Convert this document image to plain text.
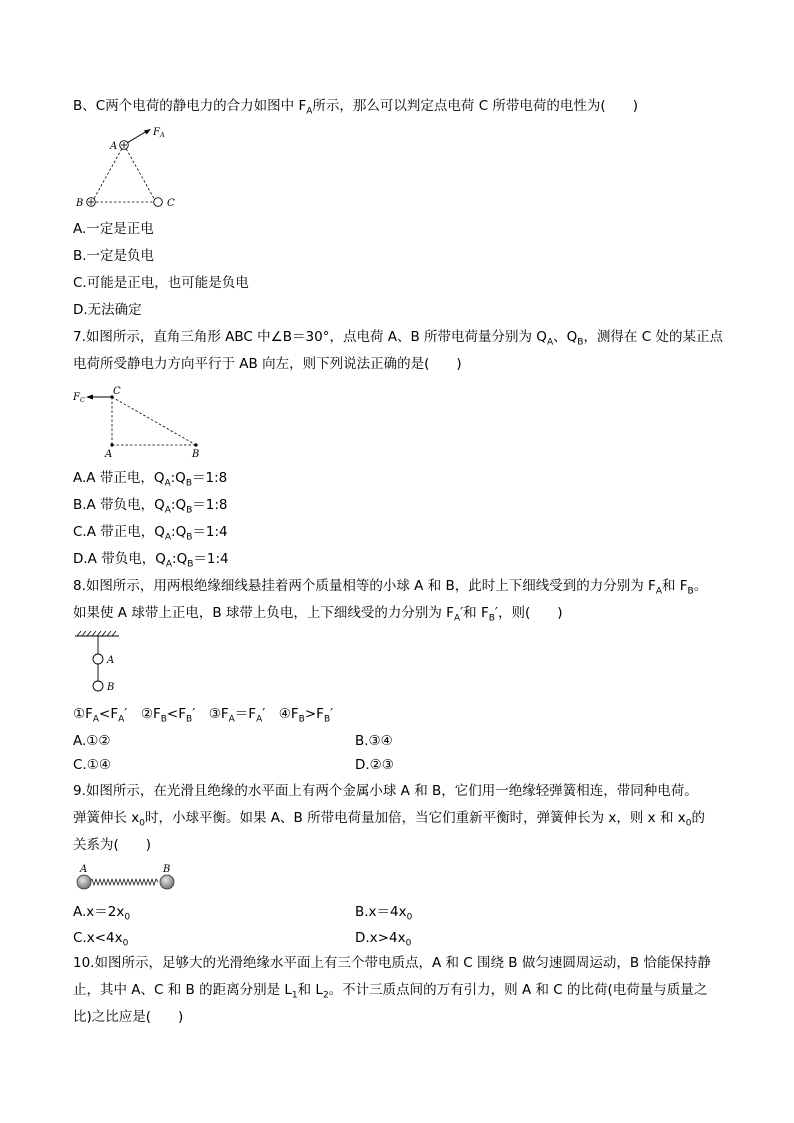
B、C两个电荷的静电力的合力如图中 $F_A$所示，那么可以判定点电荷 C 所带电荷的电性为(　　)
A
B	C
$F_A$
A.一定是正电
B.一定是负电
C.可能是正电，也可能是负电
D.无法确定
7.如图所示，直角三角形 ABC 中∠B＝30°，点电荷 A、B 所带电荷量分别为 $Q_A$、$Q_B$，测得在 C 处的某正点
电荷所受静电力方向平行于 AB 向左，则下列说法正确的是(　　)
C
$F_C$
A	B
A.A 带正电，$Q_A:Q_B=1:8$
B.A 带负电，$Q_A:Q_B=1:8$
C.A 带正电，$Q_A:Q_B=1:4$
D.A 带负电，$Q_A:Q_B=1:4$
8.如图所示，用两根绝缘细线悬挂着两个质量相等的小球 A 和 B，此时上下细线受到的力分别为 $F_A$和 $F_B$。
如果使 A 球带上正电，B 球带上负电，上下细线受的力分别为 $F_A'$和 $F_B'$，则(　　)
A
B
$①F_A<F_A'$　$②F_B<F_B'$　$③F_A=F_A'$　$④F_B>F_B'$
A.①②	B.③④
C.①④	D.②③
9.如图所示，在光滑且绝缘的水平面上有两个金属小球 A 和 B，它们用一绝缘轻弹簧相连，带同种电荷。
弹簧伸长 $x_0$时，小球平衡。如果 A、B 所带电荷量加倍，当它们重新平衡时，弹簧伸长为 x，则 x 和 $x_0$的
关系为(　　)
A	B
$A.x=2x_0$	$B.x=4x_0$
$C.x<4x_0$	$D.x>4x_0$
10.如图所示，足够大的光滑绝缘水平面上有三个带电质点，A 和 C 围绕 B 做匀速圆周运动，B 恰能保持静
止，其中 A、C 和 B 的距离分别是 $L_1$和 $L_2$。不计三质点间的万有引力，则 A 和 C 的比荷(电荷量与质量之
比)之比应是(　　)
